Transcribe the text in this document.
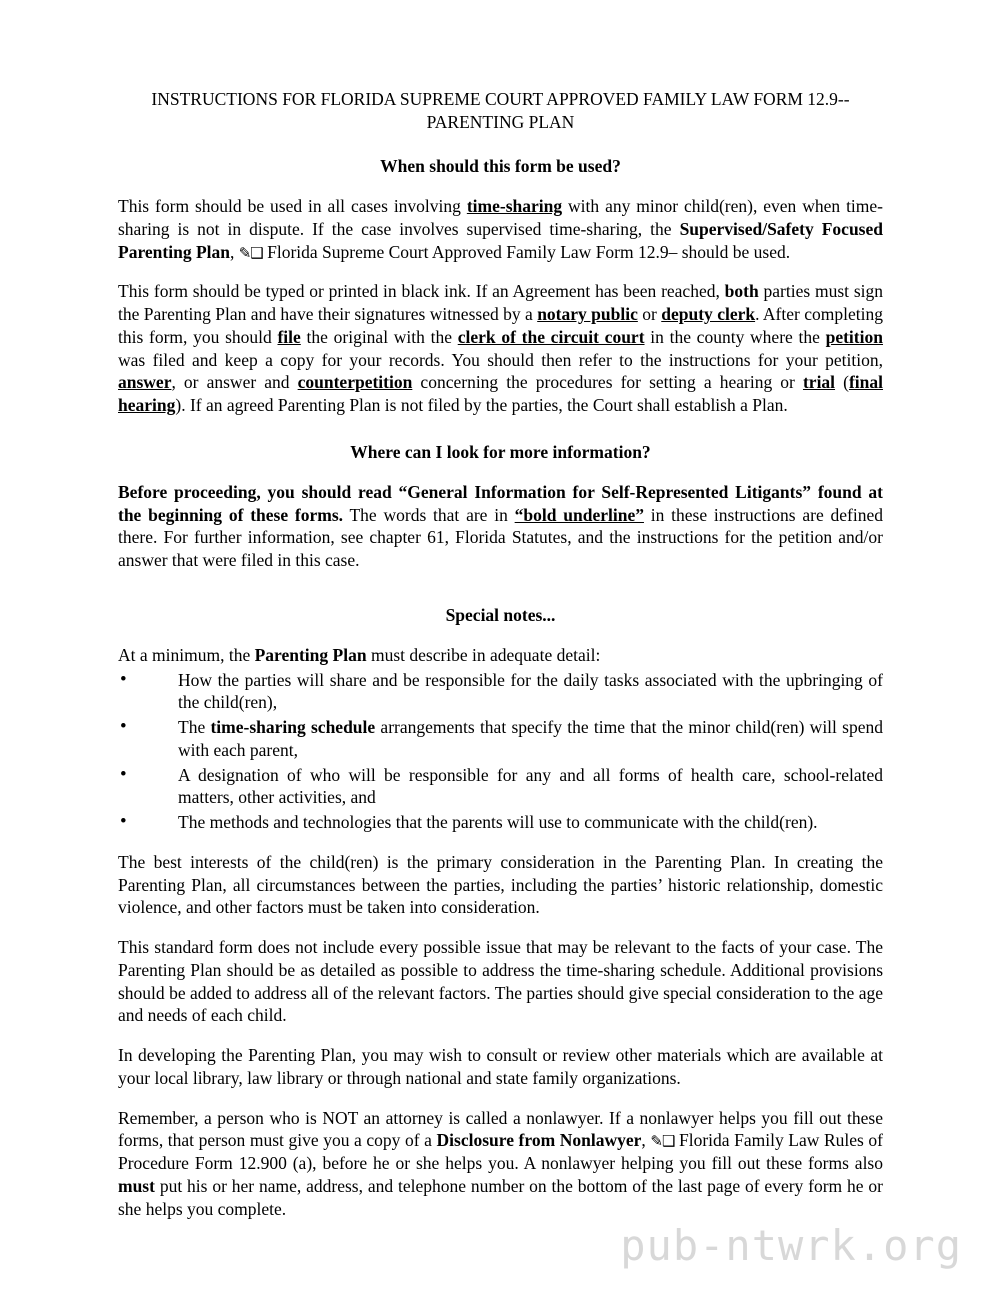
INSTRUCTIONS FOR FLORIDA SUPREME COURT APPROVED FAMILY LAW FORM 12.9--
PARENTING PLAN
When should this form be used?

This form should be used in all cases involving time-sharing with any minor child(ren), even when time-sharing is not in dispute. If the case involves supervised time-sharing, the Supervised/Safety Focused Parenting Plan, ✎❑ Florida Supreme Court Approved Family Law Form 12.9– should be used.

This form should be typed or printed in black ink. If an Agreement has been reached, both parties must sign the Parenting Plan and have their signatures witnessed by a notary public or deputy clerk. After completing this form, you should file the original with the clerk of the circuit court in the county where the petition was filed and keep a copy for your records. You should then refer to the instructions for your petition, answer, or answer and counterpetition concerning the procedures for setting a hearing or trial (final hearing). If an agreed Parenting Plan is not filed by the parties, the Court shall establish a Plan.

Where can I look for more information?

Before proceeding, you should read “General Information for Self-Represented Litigants” found at the beginning of these forms. The words that are in “bold underline” in these instructions are defined there. For further information, see chapter 61, Florida Statutes, and the instructions for the petition and/or answer that were filed in this case.

Special notes...

At a minimum, the Parenting Plan must describe in adequate detail:

•	How the parties will share and be responsible for the daily tasks associated with the upbringing of the child(ren),
•	The time-sharing schedule arrangements that specify the time that the minor child(ren) will spend with each parent,
•	A designation of who will be responsible for any and all forms of health care, school-related matters, other activities, and
•	The methods and technologies that the parents will use to communicate with the child(ren).

The best interests of the child(ren) is the primary consideration in the Parenting Plan. In creating the Parenting Plan, all circumstances between the parties, including the parties’ historic relationship, domestic violence, and other factors must be taken into consideration.

This standard form does not include every possible issue that may be relevant to the facts of your case. The Parenting Plan should be as detailed as possible to address the time-sharing schedule. Additional provisions should be added to address all of the relevant factors. The parties should give special consideration to the age and needs of each child.

In developing the Parenting Plan, you may wish to consult or review other materials which are available at your local library, law library or through national and state family organizations.

Remember, a person who is NOT an attorney is called a nonlawyer. If a nonlawyer helps you fill out these forms, that person must give you a copy of a Disclosure from Nonlawyer, ✎❑ Florida Family Law Rules of Procedure Form 12.900 (a), before he or she helps you. A nonlawyer helping you fill out these forms also must put his or her name, address, and telephone number on the bottom of the last page of every form he or she helps you complete.

pub-ntwrk.org
